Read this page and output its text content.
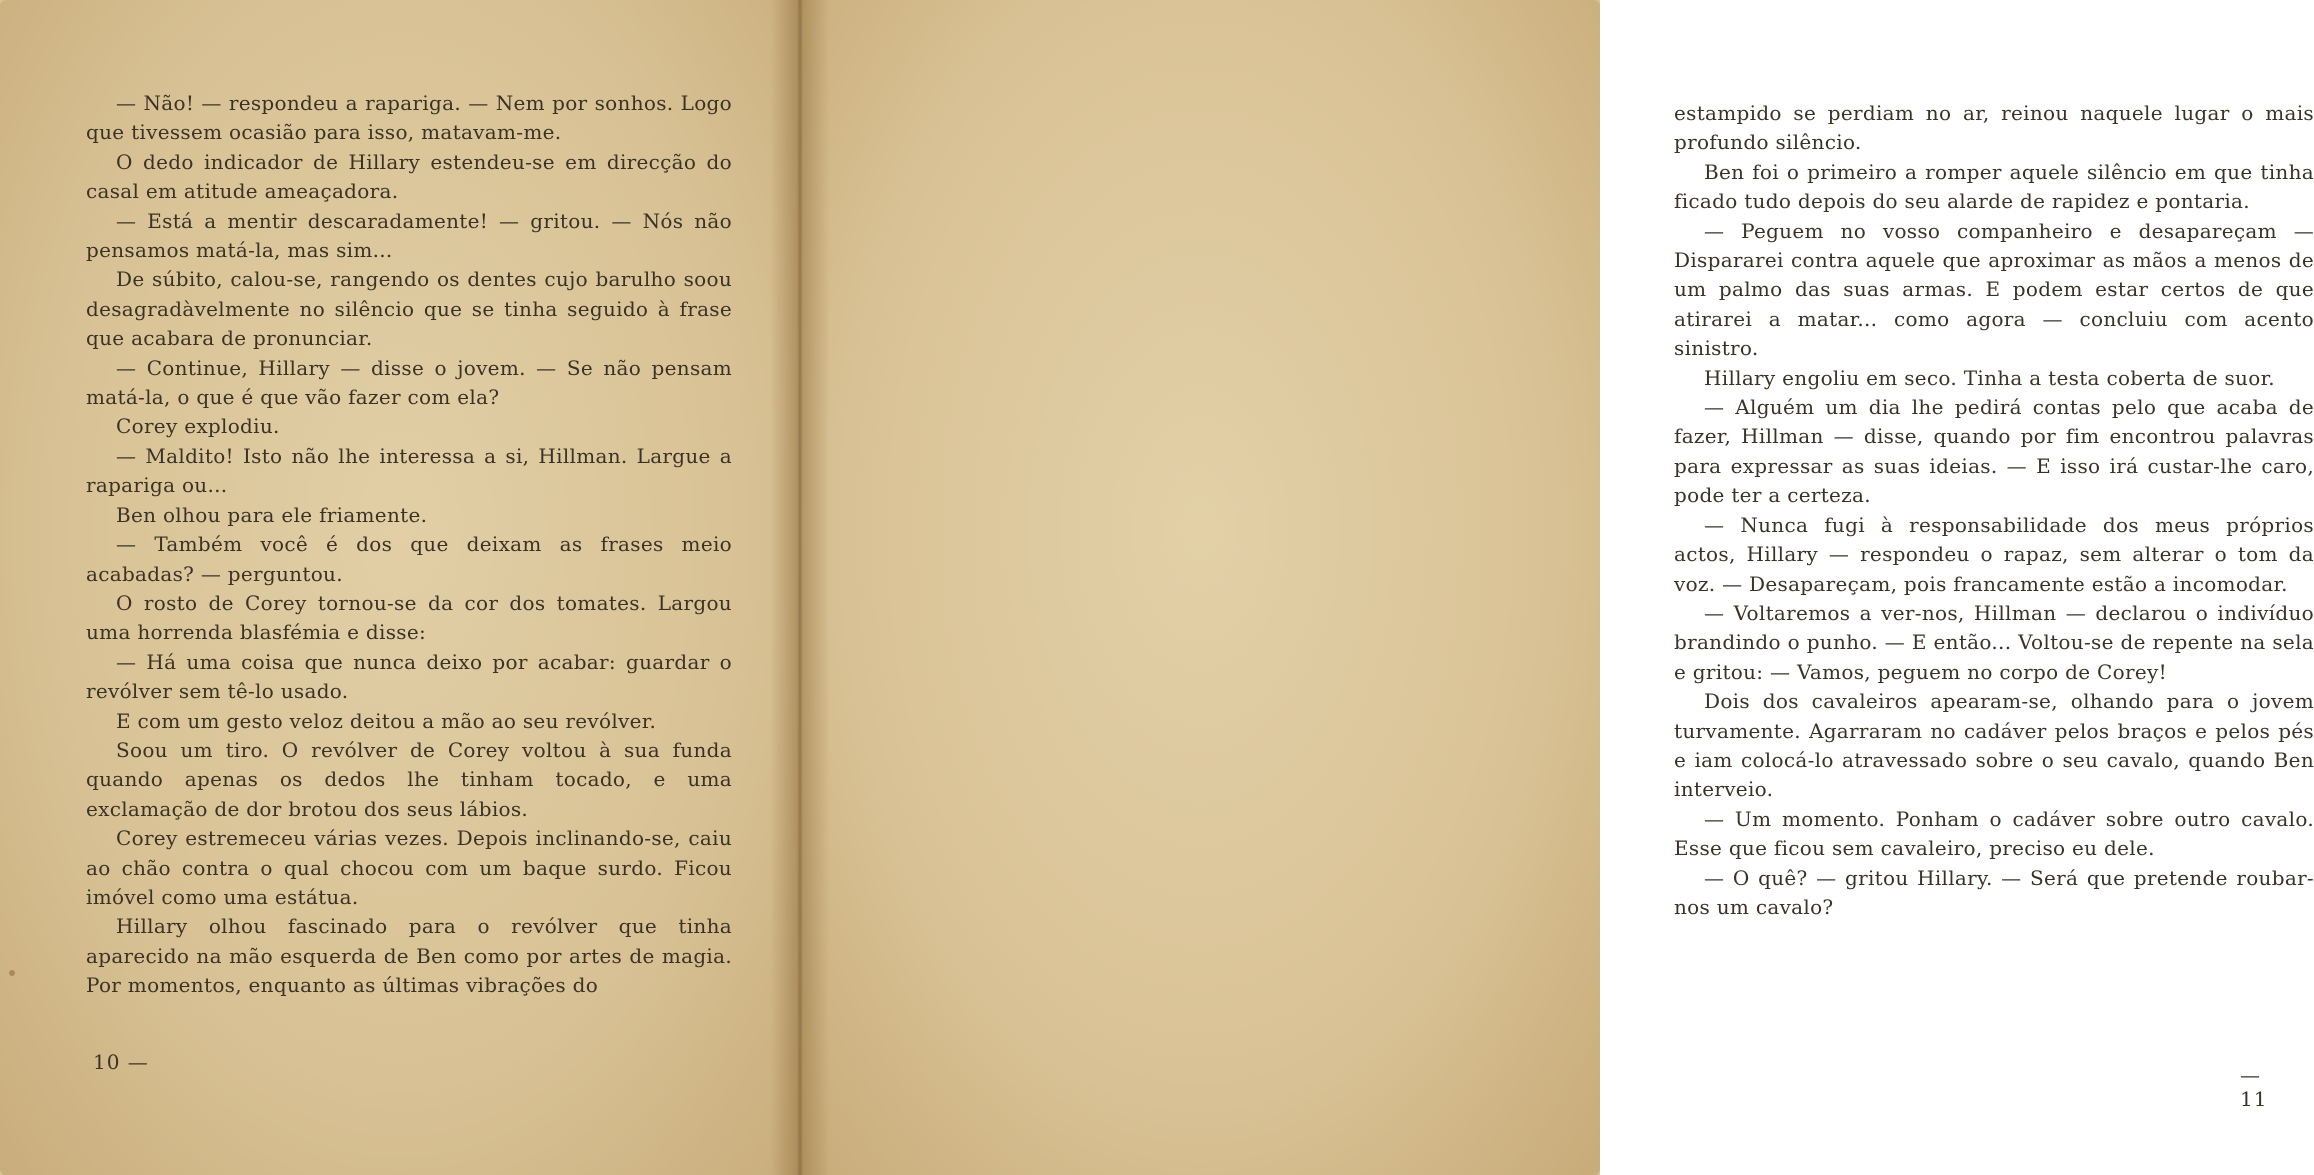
— Não! — respondeu a rapariga. — Nem por sonhos. Logo que tivessem ocasião para isso, matavam-me.

O dedo indicador de Hillary estendeu-se em direcção do casal em atitude ameaçadora.

— Está a mentir descaradamente! — gritou. — Nós não pensamos matá-la, mas sim...

De súbito, calou-se, rangendo os dentes cujo barulho soou desagradàvelmente no silêncio que se tinha seguido à frase que acabara de pronunciar.

— Continue, Hillary — disse o jovem. — Se não pensam matá-la, o que é que vão fazer com ela?

Corey explodiu.

— Maldito! Isto não lhe interessa a si, Hillman. Largue a rapariga ou...

Ben olhou para ele friamente.

— Também você é dos que deixam as frases meio acabadas? — perguntou.

O rosto de Corey tornou-se da cor dos tomates. Largou uma horrenda blasfémia e disse:

— Há uma coisa que nunca deixo por acabar: guardar o revólver sem tê-lo usado.

E com um gesto veloz deitou a mão ao seu revólver.

Soou um tiro. O revólver de Corey voltou à sua funda quando apenas os dedos lhe tinham tocado, e uma exclamação de dor brotou dos seus lábios.

Corey estremeceu várias vezes. Depois inclinando-se, caiu ao chão contra o qual chocou com um baque surdo. Ficou imóvel como uma estátua.

Hillary olhou fascinado para o revólver que tinha aparecido na mão esquerda de Ben como por artes de magia. Por momentos, enquanto as últimas vibrações do

10 —

estampido se perdiam no ar, reinou naquele lugar o mais profundo silêncio.

Ben foi o primeiro a romper aquele silêncio em que tinha ficado tudo depois do seu alarde de rapidez e pontaria.

— Peguem no vosso companheiro e desapareçam — Dispararei contra aquele que aproximar as mãos a menos de um palmo das suas armas. E podem estar certos de que atirarei a matar... como agora — concluiu com acento sinistro.

Hillary engoliu em seco. Tinha a testa coberta de suor.

— Alguém um dia lhe pedirá contas pelo que acaba de fazer, Hillman — disse, quando por fim encontrou palavras para expressar as suas ideias. — E isso irá custar-lhe caro, pode ter a certeza.

— Nunca fugi à responsabilidade dos meus próprios actos, Hillary — respondeu o rapaz, sem alterar o tom da voz. — Desapareçam, pois francamente estão a incomodar.

— Voltaremos a ver-nos, Hillman — declarou o indivíduo brandindo o punho. — E então... Voltou-se de repente na sela e gritou: — Vamos, peguem no corpo de Corey!

Dois dos cavaleiros apearam-se, olhando para o jovem turvamente. Agarraram no cadáver pelos braços e pelos pés e iam colocá-lo atravessado sobre o seu cavalo, quando Ben interveio.

— Um momento. Ponham o cadáver sobre outro cavalo. Esse que ficou sem cavaleiro, preciso eu dele.

— O quê? — gritou Hillary. — Será que pretende roubar-nos um cavalo?

— 11
